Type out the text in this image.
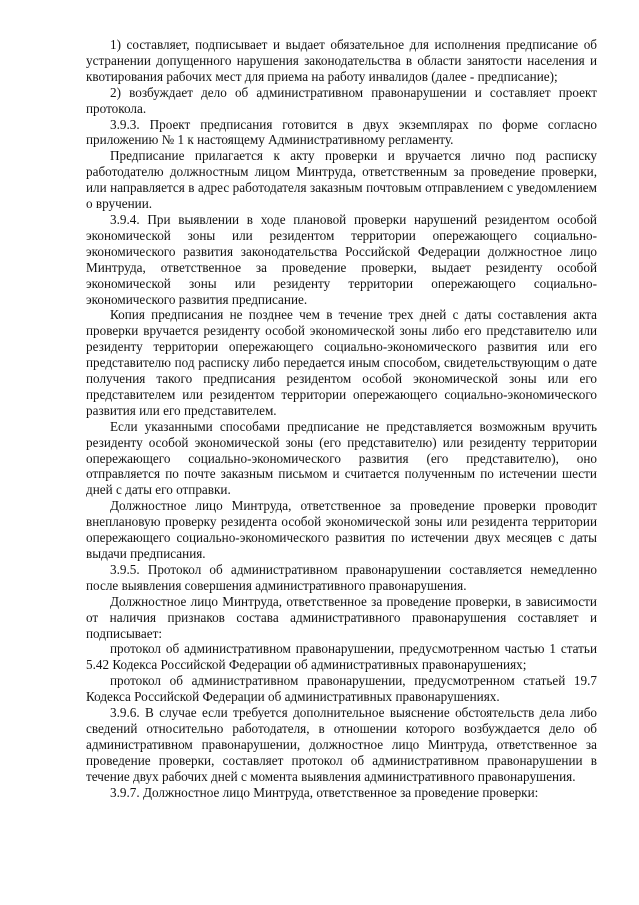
1) составляет, подписывает и выдает обязательное для исполнения предписание об устранении допущенного нарушения законодательства в области занятости населения и квотирования рабочих мест для приема на работу инвалидов (далее - предписание);

2) возбуждает дело об административном правонарушении и составляет проект протокола.

3.9.3. Проект предписания готовится в двух экземплярах по форме согласно приложению № 1 к настоящему Административному регламенту.

Предписание прилагается к акту проверки и вручается лично под расписку работодателю должностным лицом Минтруда, ответственным за проведение проверки, или направляется в адрес работодателя заказным почтовым отправлением с уведомлением о вручении.

3.9.4. При выявлении в ходе плановой проверки нарушений резидентом особой экономической зоны или резидентом территории опережающего социально-экономического развития законодательства Российской Федерации должностное лицо Минтруда, ответственное за проведение проверки, выдает резиденту особой экономической зоны или резиденту территории опережающего социально-экономического развития предписание.

Копия предписания не позднее чем в течение трех дней с даты составления акта проверки вручается резиденту особой экономической зоны либо его представителю или резиденту территории опережающего социально-экономического развития или его представителю под расписку либо передается иным способом, свидетельствующим о дате получения такого предписания резидентом особой экономической зоны или его представителем или резидентом территории опережающего социально-экономического развития или его представителем.

Если указанными способами предписание не представляется возможным вручить резиденту особой экономической зоны (его представителю) или резиденту территории опережающего социально-экономического развития (его представителю), оно отправляется по почте заказным письмом и считается полученным по истечении шести дней с даты его отправки.

Должностное лицо Минтруда, ответственное за проведение проверки проводит внеплановую проверку резидента особой экономической зоны или резидента территории опережающего социально-экономического развития по истечении двух месяцев с даты выдачи предписания.

3.9.5. Протокол об административном правонарушении составляется немедленно после выявления совершения административного правонарушения.

Должностное лицо Минтруда, ответственное за проведение проверки, в зависимости от наличия признаков состава административного правонарушения составляет и подписывает:

протокол об административном правонарушении, предусмотренном частью 1 статьи 5.42 Кодекса Российской Федерации об административных правонарушениях;

протокол об административном правонарушении, предусмотренном статьей 19.7 Кодекса Российской Федерации об административных правонарушениях.

3.9.6. В случае если требуется дополнительное выяснение обстоятельств дела либо сведений относительно работодателя, в отношении которого возбуждается дело об административном правонарушении, должностное лицо Минтруда, ответственное за проведение проверки, составляет протокол об административном правонарушении в течение двух рабочих дней с момента выявления административного правонарушения.

3.9.7. Должностное лицо Минтруда, ответственное за проведение проверки:
